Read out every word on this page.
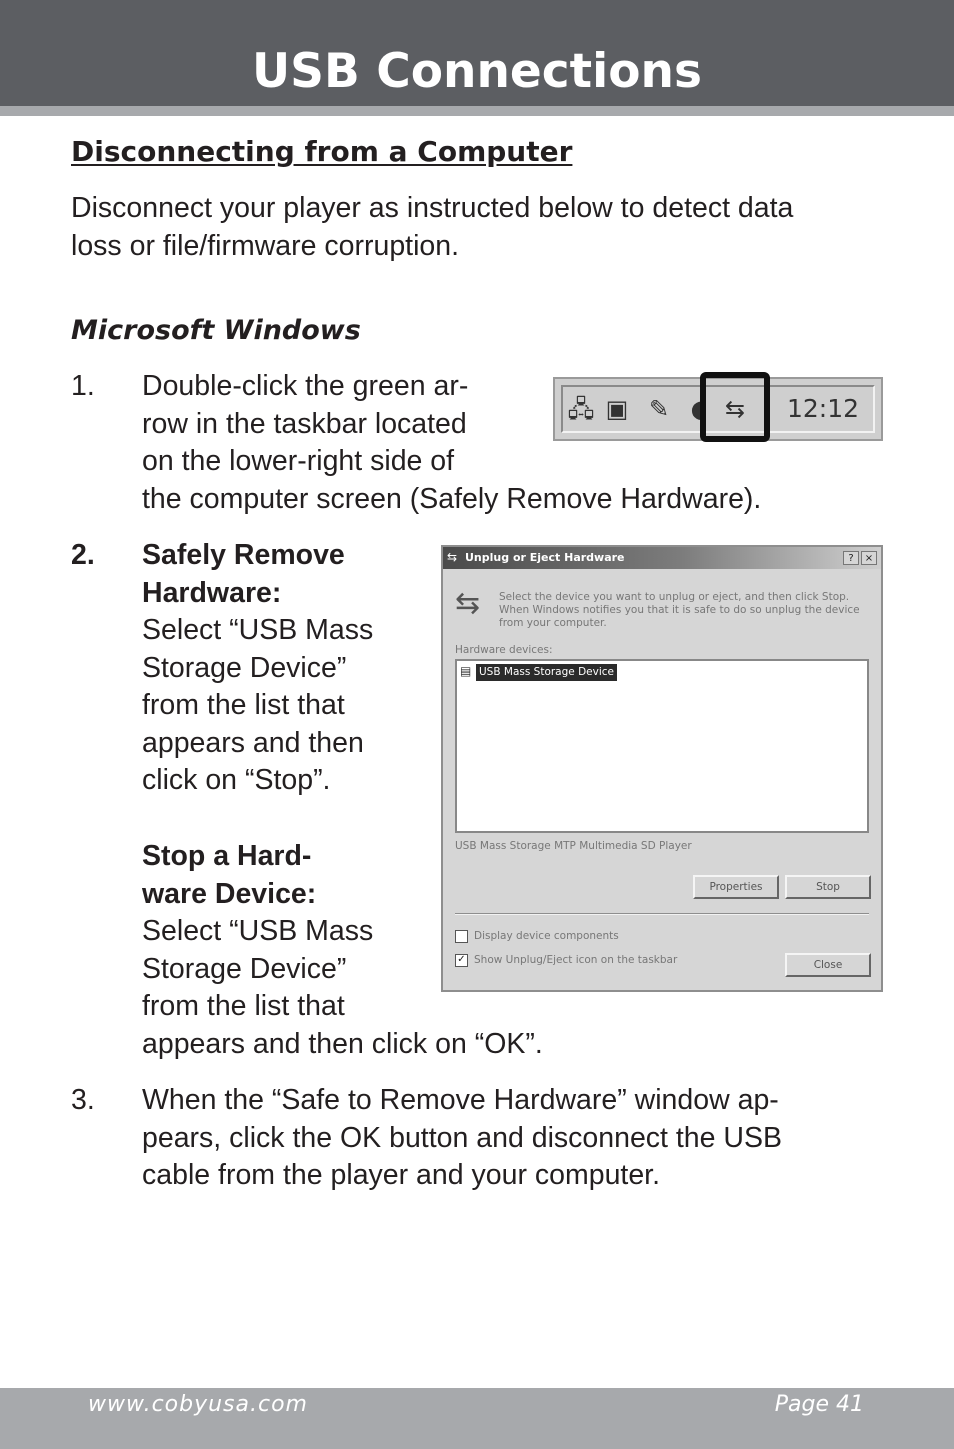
USB Connections
Disconnecting from a Computer

Disconnect your player as instructed below to detect data
loss or file/firmware corruption.

Microsoft Windows
1. Double-click the green ar-
row in the taskbar located
on the lower-right side of
the computer screen (Safely Remove Hardware).

🖧 ▣ ✎ ◖ ⇆ 12:12
2. Safely Remove
Hardware:
Select “USB Mass
Storage Device”
from the list that
appears and then
click on “Stop”.

Stop a Hard-
ware Device:
Select “USB Mass
Storage Device”
from the list that
appears and then click on “OK”.

⇆ Unplug or Eject Hardware	?	×
⇆ Select the device you want to unplug or eject, and then click Stop. When Windows notifies you that it is safe to do so unplug the device from your computer.
Hardware devices:
▤ USB Mass Storage Device
USB Mass Storage MTP Multimedia SD Player
Properties	Stop
Display device components
✓ Show Unplug/Eject icon on the taskbar	Close
3. When the “Safe to Remove Hardware” window ap-
pears, click the OK button and disconnect the USB
cable from the player and your computer.

www.cobyusa.com	Page 41
